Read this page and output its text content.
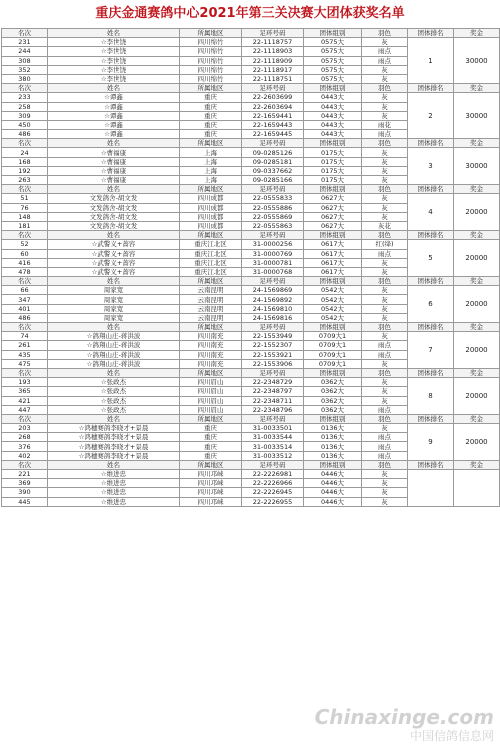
重庆金通赛鸽中心2021年第三关决赛大团体获奖名单
名次	姓名	所属地区	足环号码	团体组别	羽色	团体排名	奖金
231	☆李世饶	四川绵竹	22-1118757	0575大	灰	1	30000
244	☆李世饶	四川绵竹	22-1118903	0575大	雨点		
308	☆李世饶	四川绵竹	22-1118909	0575大	雨点		
352	☆李世饶	四川绵竹	22-1118917	0575大	灰		
380	☆李世饶	四川绵竹	22-1118751	0575大	灰		
名次	姓名	所属地区	足环号码	团体组别	羽色	团体排名	奖金
233	☆谭鑫	重庆	22-2603699	0443大	灰	2	30000
258	☆谭鑫	重庆	22-2603694	0443大	灰		
309	☆谭鑫	重庆	22-1659441	0443大	灰		
450	☆谭鑫	重庆	22-1659443	0443大	雨花		
486	☆谭鑫	重庆	22-1659445	0443大	雨点		
名次	姓名	所属地区	足环号码	团体组别	羽色	团体排名	奖金
24	☆曹福康	上海	09-0285126	0175大	灰	3	30000
168	☆曹福康	上海	09-0285181	0175大	灰		
192	☆曹福康	上海	09-0337662	0175大	灰		
263	☆曹福康	上海	09-0285166	0175大	灰		
名次	姓名	所属地区	足环号码	团体组别	羽色	团体排名	奖金
51	文发鸽舍-胡文发	四川成都	22-0555833	0627大	灰	4	20000
76	文发鸽舍-胡文发	四川成都	22-0555886	0627大	灰		
148	文发鸽舍-胡文发	四川成都	22-0555869	0627大	灰		
181	文发鸽舍-胡文发	四川成都	22-0555863	0627大	灰花		
名次	姓名	所属地区	足环号码	团体组别	羽色	团体排名	奖金
52	☆武警义+蔷容	重庆江北区	31-0000256	0617大	红(绛)	5	20000
60	☆武警义+蔷容	重庆江北区	31-0000769	0617大	雨点		
416	☆武警义+蔷容	重庆江北区	31-0000781	0617大	灰		
478	☆武警义+蔷容	重庆江北区	31-0000768	0617大	灰		
名次	姓名	所属地区	足环号码	团体组别	羽色	团体排名	奖金
66	周家宽	云南昆明	24-1569869	0542大	灰	6	20000
347	周家宽	云南昆明	24-1569892	0542大	灰		
401	周家宽	云南昆明	24-1569810	0542大	灰		
486	周家宽	云南昆明	24-1569816	0542大	灰		
名次	姓名	所属地区	足环号码	团体组别	羽色	团体排名	奖金
74	☆鸽翔山庄-蒋洪波	四川南充	22-1553949	0709大1	灰	7	20000
261	☆鸽翔山庄-蒋洪波	四川南充	22-1552307	0709大1	雨点		
435	☆鸽翔山庄-蒋洪波	四川南充	22-1553921	0709大1	雨点		
475	☆鸽翔山庄-蒋洪波	四川南充	22-1553906	0709大1	灰		
名次	姓名	所属地区	足环号码	团体组别	羽色	团体排名	奖金
193	☆张政杰	四川眉山	22-2348729	0362大	灰	8	20000
365	☆张政杰	四川眉山	22-2348797	0362大	灰		
421	☆张政杰	四川眉山	22-2348711	0362大	灰		
447	☆张政杰	四川眉山	22-2348796	0362大	雨点		
名次	姓名	所属地区	足环号码	团体组别	羽色	团体排名	奖金
203	☆鸿穗赛鸽李晓才+景晨	重庆	31-0033501	0136大	灰	9	20000
268	☆鸿穗赛鸽李晓才+景晨	重庆	31-0033544	0136大	雨点		
376	☆鸿穗赛鸽李晓才+景晨	重庆	31-0033514	0136大	雨点		
402	☆鸿穗赛鸽李晓才+景晨	重庆	31-0033512	0136大	雨点		
名次	姓名	所属地区	足环号码	团体组别	羽色	团体排名	奖金
221	☆维进忠	四川邛崃	22-2226981	0446大	灰		
369	☆维进忠	四川邛崃	22-2226966	0446大	灰		
390	☆维进忠	四川邛崃	22-2226945	0446大	灰		
445	☆维进忠	四川邛崃	22-2226955	0446大	灰		
Chinaxinge.com
中国信鸽信息网
